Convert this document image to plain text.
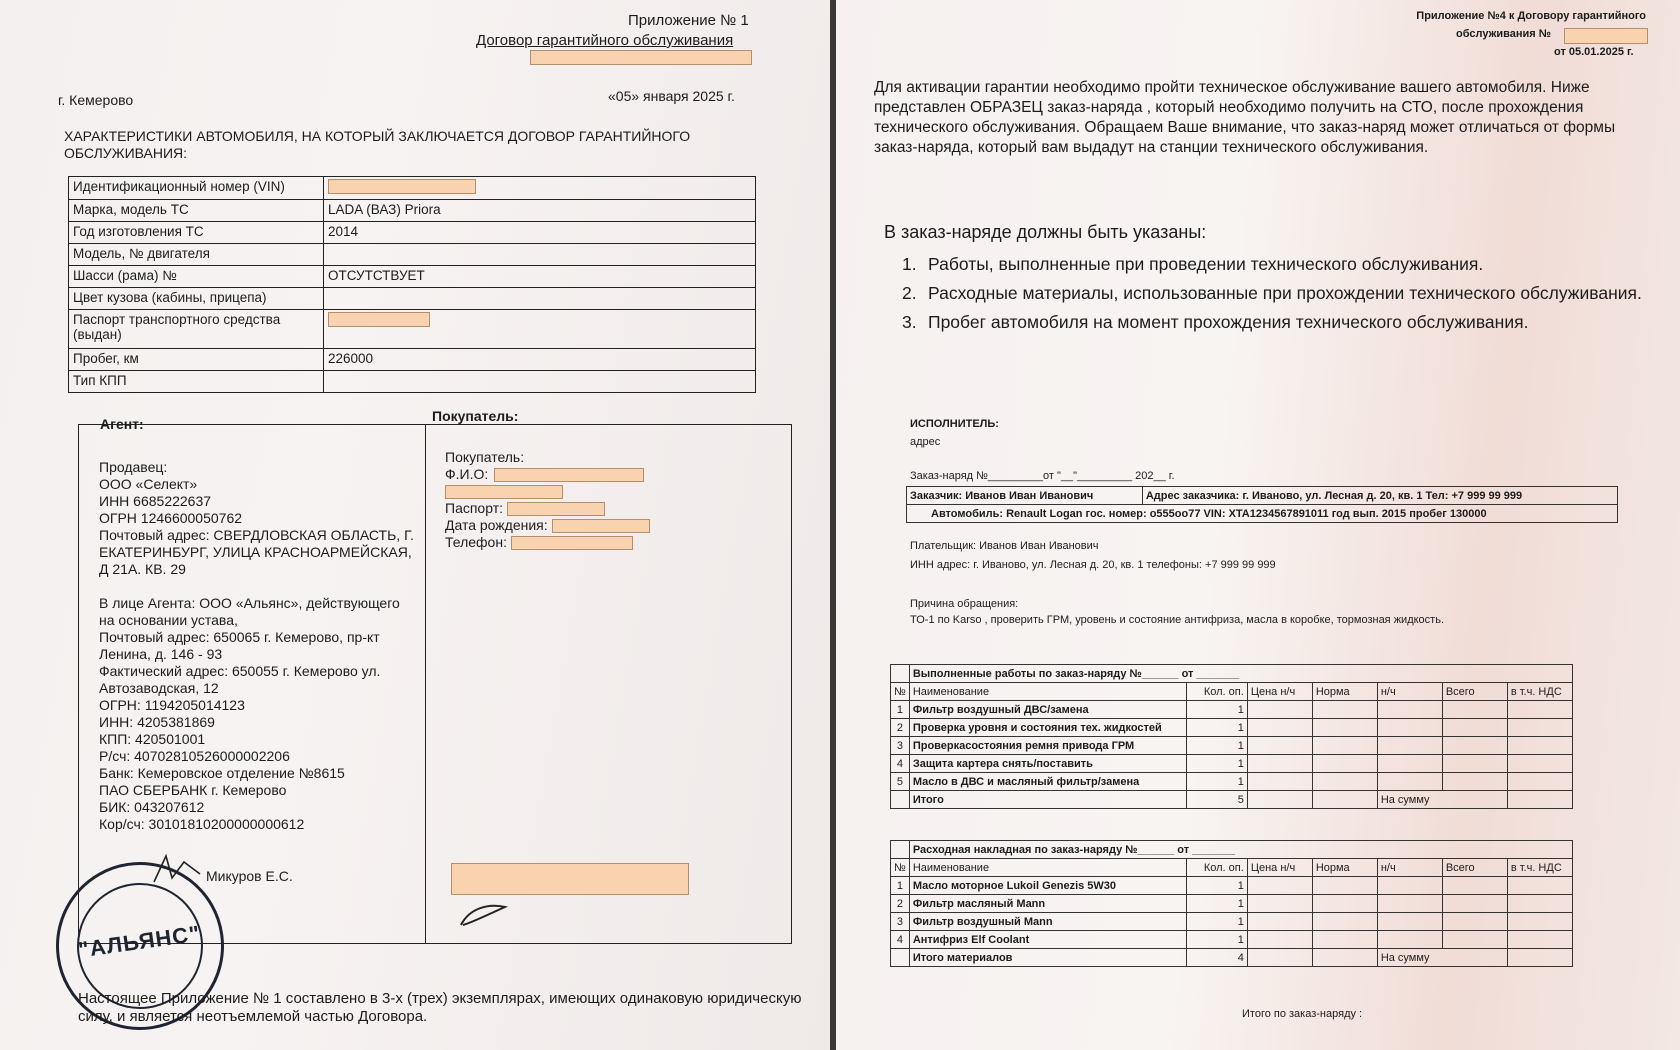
Приложение № 1
Договор гарантийного обслуживания
г. Кемерово	«05» января 2025 г.
ХАРАКТЕРИСТИКИ АВТОМОБИЛЯ, НА КОТОРЫЙ ЗАКЛЮЧАЕТСЯ ДОГОВОР ГАРАНТИЙНОГО ОБСЛУЖИВАНИЯ:
Идентификационный номер (VIN)	
Марка, модель ТС	LADA (ВАЗ) Priora
Год изготовления ТС	2014
Модель, № двигателя	
Шасси (рама) №	ОТСУТСТВУЕТ
Цвет кузова (кабины, прицепа)	
Паспорт транспортного средства (выдан)	
Пробег, км	226000
Тип КПП	
Агент:	Покупатель:
Продавец:
ООО «Селект»
ИНН 6685222637
ОГРН 1246600050762
Почтовый адрес: СВЕРДЛОВСКАЯ ОБЛАСТЬ, Г. ЕКАТЕРИНБУРГ, УЛИЦА КРАСНОАРМЕЙСКАЯ, Д 21А. КВ. 29

В лице Агента: ООО «Альянс», действующего на основании устава,
Почтовый адрес: 650065 г. Кемерово, пр-кт Ленина, д. 146 - 93
Фактический адрес: 650055 г. Кемерово ул. Автозаводская, 12
ОГРН: 1194205014123
ИНН: 4205381869
КПП: 420501001
Р/сч: 40702810526000002206
Банк: Кемеровское отделение №8615
ПАО СБЕРБАНК г. Кемерово
БИК: 043207612
Кор/сч: 30101810200000000612
Покупатель:
Ф.И.О:
Паспорт:
Дата рождения:
Телефон:
Микуров Е.С.
"АЛЬЯНС"
Настоящее Приложение № 1 составлено в 3-х (трех) экземплярах, имеющих одинаковую юридическую силу, и является неотъемлемой частью Договора.
Приложение №4 к Договору гарантийного
обслуживания №
от 05.01.2025 г.
Для активации гарантии необходимо пройти техническое обслуживание вашего автомобиля. Ниже представлен ОБРАЗЕЦ заказ-наряда , который необходимо получить на СТО, после прохождения технического обслуживания. Обращаем Ваше внимание, что заказ-наряд может отличаться от формы заказ-наряда, который вам выдадут на станции технического обслуживания.
В заказ-наряде должны быть указаны:
1. Работы, выполненные при проведении технического обслуживания.
2. Расходные материалы, использованные при прохождении технического обслуживания.
3. Пробег автомобиля на момент прохождения технического обслуживания.
ИСПОЛНИТЕЛЬ:
адрес
Заказ-наряд №_________от "__"_________ 202__ г.
Заказчик: Иванов Иван Иванович	Адрес заказчика: г. Иваново, ул. Лесная д. 20, кв. 1 Тел: +7 999 99 999
Автомобиль: Renault Logan гос. номер: о555оо77 VIN: XTA1234567891011 год вып. 2015 пробег 130000
Плательщик: Иванов Иван Иванович
ИНН адрес: г. Иваново, ул. Лесная д. 20, кв. 1 телефоны: +7 999 99 999
Причина обращения:
ТО-1 по Karso , проверить ГРМ, уровень и состояние антифриза, масла в коробке, тормозная жидкость.
	Выполненные работы по заказ-наряду №______ от _______						
№	Наименование	Кол. оп.	Цена н/ч	Норма	н/ч	Всего	в т.ч. НДС
1	Фильтр воздушный ДВС/замена	1					
2	Проверка уровня и состояния тех. жидкостей	1					
3	Проверкасостояния ремня привода ГРМ	1					
4	Защита картера снять/поставить	1					
5	Масло в ДВС и масляный фильтр/замена	1					
	Итого	5			На сумму		
	Расходная накладная по заказ-наряду №______ от _______						
№	Наименование	Кол. оп.	Цена н/ч	Норма	н/ч	Всего	в т.ч. НДС
1	Масло моторное Lukoil Genezis 5W30	1					
2	Фильтр масляный Mann	1					
3	Фильтр воздушный Mann	1					
4	Антифриз Elf Coolant	1					
	Итого материалов	4			На сумму		
Итого по заказ-наряду :
